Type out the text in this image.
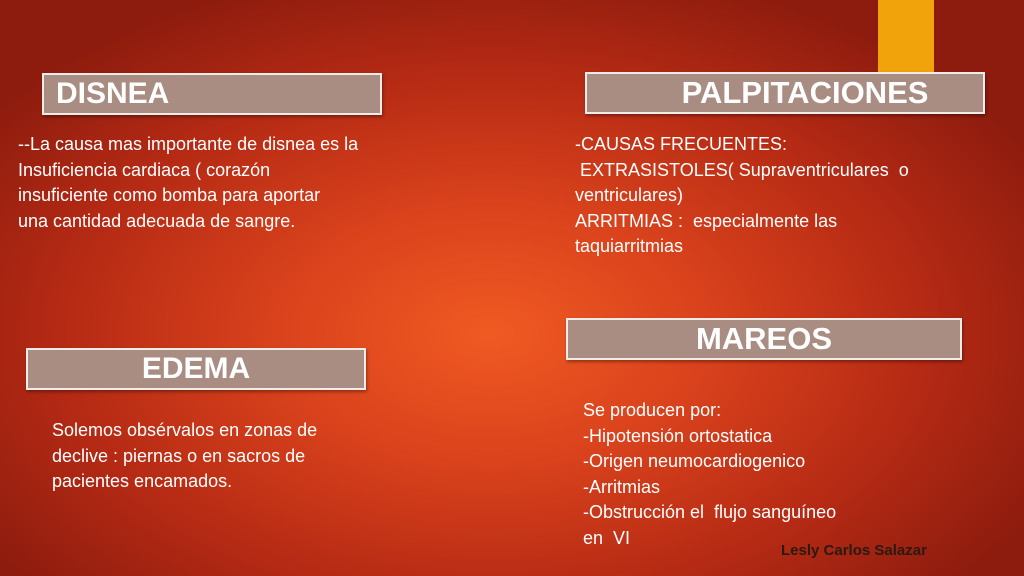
DISNEA
--La causa mas importante de disnea es la
Insuficiencia cardiaca ( corazón
insuficiente como bomba para aportar
una cantidad adecuada de sangre.
PALPITACIONES
-CAUSAS FRECUENTES:
EXTRASISTOLES( Supraventriculares  o
ventriculares)
ARRITMIAS :  especialmente las
taquiarritmias
EDEMA
Solemos obsérvalos en zonas de
declive : piernas o en sacros de
pacientes encamados.
MAREOS
Se producen por:
-Hipotensión ortostatica
-Origen neumocardiogenico
-Arritmias
-Obstrucción el  flujo sanguíneo
en  VI
Lesly Carlos Salazar
